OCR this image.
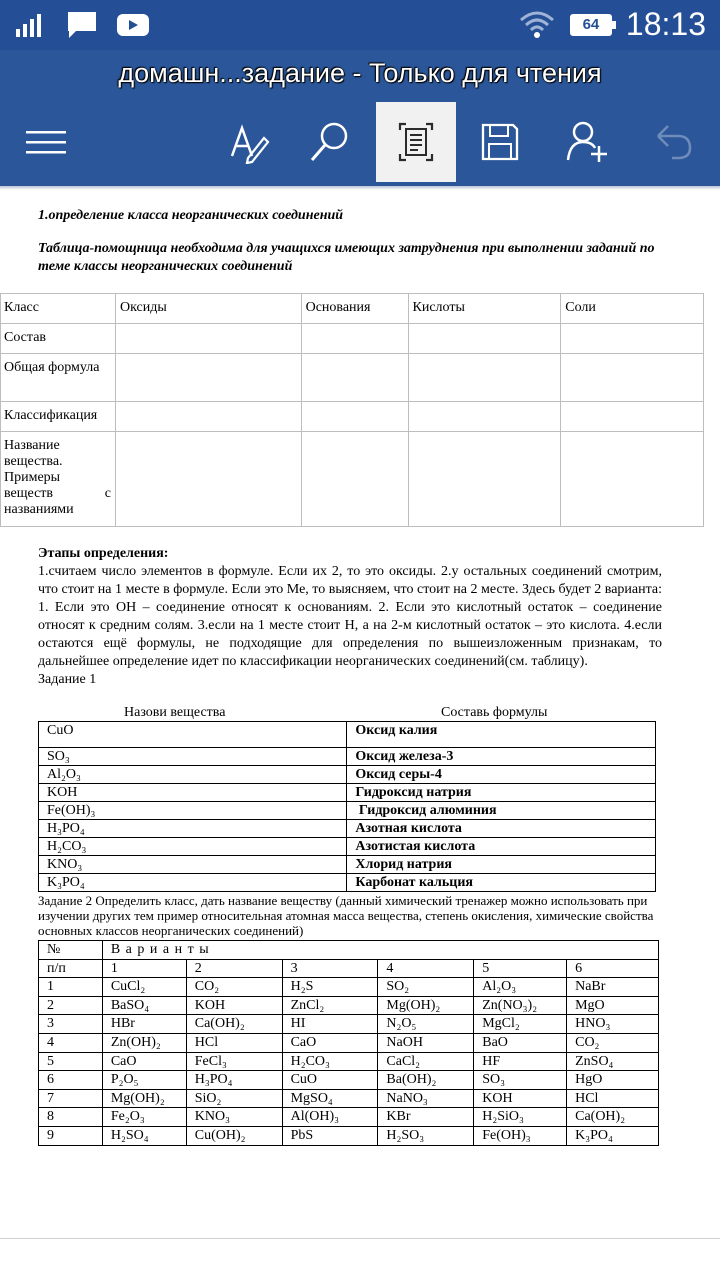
64 18:13
домашн...задание - Только для чтения
1.определение класса неорганических соединений
Таблица-помощница необходима для учащихся имеющих затруднения при выполнении заданий по теме классы неорганических соединений
Класс	Оксиды	Основания	Кислоты	Соли
Состав				
Общая формула				
Классификация				
Название вещества. Примеры веществ с названиями				
Этапы определения:
1.считаем число элементов в формуле. Если их 2, то это оксиды. 2.у остальных соединений смотрим, что стоит на 1 месте в формуле. Если это Ме, то выясняем, что стоит на 2 месте. Здесь будет 2 варианта: 1. Если это ОН – соединение относят к основаниям. 2. Если это кислотный остаток – соединение относят к средним солям. 3.если на 1 месте стоит Н, а на 2-м кислотный остаток – это кислота. 4.если остаются ещё формулы, не подходящие для определения по вышеизложенным признакам, то дальнейшее определение идет по классификации неорганических соединений(см. таблицу).
Задание 1
Назови вещества	Составь формулы
CuO	Оксид калия
SO₃	Оксид железа-3
Al₂O₃	Оксид серы-4
KOH	Гидроксид натрия
Fe(OH)₃	Гидроксид алюминия
H₃PO₄	Азотная кислота
H₂CO₃	Азотистая кислота
KNO₃	Хлорид натрия
K₃PO₄	Карбонат кальция
Задание 2 Определить класс, дать название веществу (данный химический тренажер можно использовать при изучении других тем пример относительная атомная масса вещества, степень окисления, химические свойства основных классов неорганических соединений)
№	В а р и а н т ы					
п/п	1	2	3	4	5	6
1	CuCl₂	CO₂	H₂S	SO₂	Al₂O₃	NaBr
2	BaSO₄	KOH	ZnCl₂	Mg(OH)₂	Zn(NO₃)₂	MgO
3	HBr	Ca(OH)₂	HI	N₂O₅	MgCl₂	HNO₃
4	Zn(OH)₂	HCl	CaO	NaOH	BaO	CO₂
5	CaO	FeCl₃	H₂CO₃	CaCl₂	HF	ZnSO₄
6	P₂O₅	H₃PO₄	CuO	Ba(OH)₂	SO₃	HgO
7	Mg(OH)₂	SiO₂	MgSO₄	NaNO₃	KOH	HCl
8	Fe₂O₃	KNO₃	Al(OH)₃	KBr	H₂SiO₃	Ca(OH)₂
9	H₂SO₄	Cu(OH)₂	PbS	H₂SO₃	Fe(OH)₃	K₃PO₄
